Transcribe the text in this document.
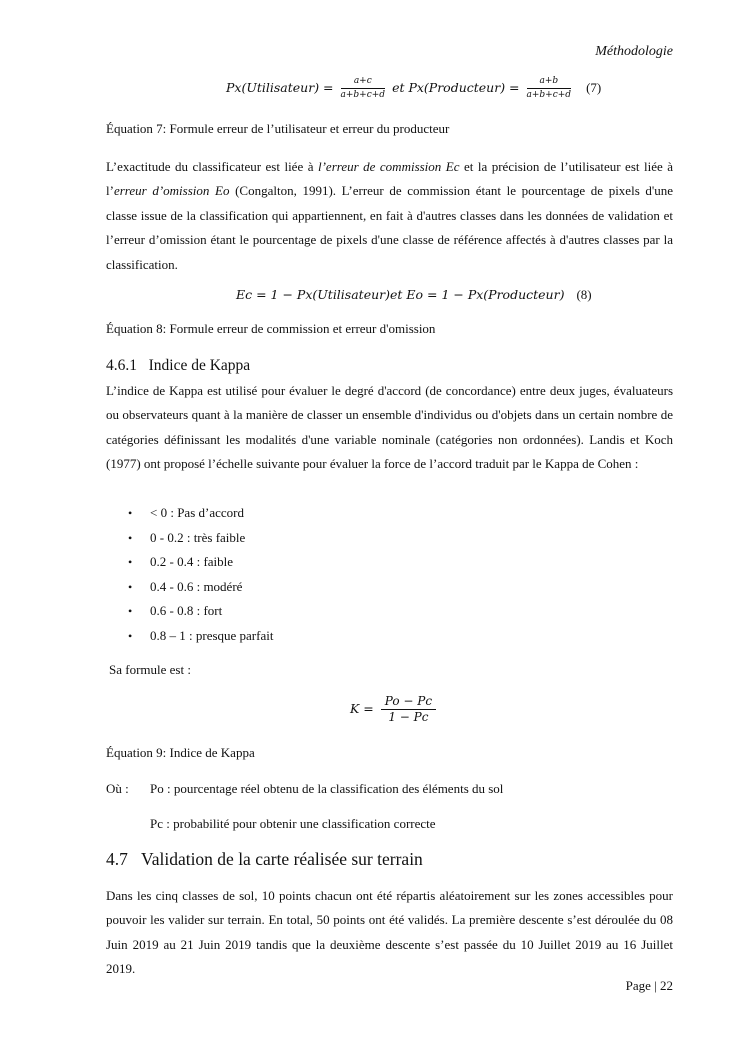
Méthodologie
Px(Utilisateur) = $\frac{a+c}{a+b+c+d}$ et Px(Producteur) = $\frac{a+b}{a+b+c+d} (7)$
Équation 7: Formule erreur de l’utilisateur et erreur du producteur

L’exactitude du classificateur est liée à l’erreur de commission Ec et la précision de l’utilisateur est liée à l’erreur d’omission Eo (Congalton, 1991). L’erreur de commission étant le pourcentage de pixels d'une classe issue de la classification qui appartiennent, en fait à d'autres classes dans les données de validation et l’erreur d’omission étant le pourcentage de pixels d'une classe de référence affectés à d'autres classes par la classification.

Ec = 1 − Px(Utilisateur)et Eo = 1 − Px(Producteur) (8)
Équation 8: Formule erreur de commission et erreur d'omission
4.6.1 Indice de Kappa

L’indice de Kappa est utilisé pour évaluer le degré d'accord (de concordance) entre deux juges, évaluateurs ou observateurs quant à la manière de classer un ensemble d'individus ou d'objets dans un certain nombre de catégories définissant les modalités d'une variable nominale (catégories non ordonnées). Landis et Koch (1977) ont proposé l’échelle suivante pour évaluer la force de l’accord traduit par le Kappa de Cohen :

• < 0 : Pas d’accord
• 0 - 0.2 : très faible
• 0.2 - 0.4 : faible
• 0.4 - 0.6 : modéré
• 0.6 - 0.8 : fort
• 0.8 – 1 : presque parfait
Sa formule est :
$K = \frac{Po - Pc}{1 - Pc}$
Équation 9: Indice de Kappa
Où : Po : pourcentage réel obtenu de la classification des éléments du sol
Pc : probabilité pour obtenir une classification correcte
4.7 Validation de la carte réalisée sur terrain

Dans les cinq classes de sol, 10 points chacun ont été répartis aléatoirement sur les zones accessibles pour pouvoir les valider sur terrain. En total, 50 points ont été validés. La première descente s’est déroulée du 08 Juin 2019 au 21 Juin 2019 tandis que la deuxième descente s’est passée du 10 Juillet 2019 au 16 Juillet 2019.

Page | 22
